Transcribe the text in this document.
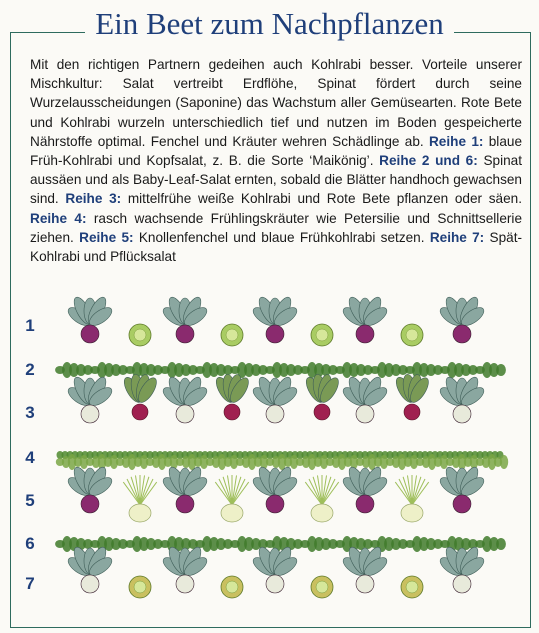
Ein Beet zum Nachpflanzen
Mit den richtigen Partnern gedeihen auch Kohlrabi besser. Vorteile unserer Mischkultur: Salat vertreibt Erdflöhe, Spinat fördert durch seine Wurzelausscheidungen (Saponine) das Wachstum aller Gemüsearten. Rote Bete und Kohlrabi wurzeln unterschiedlich tief und nutzen im Boden gespeicherte Nährstoffe optimal. Fenchel und Kräuter wehren Schädlinge ab. Reihe 1: blaue Früh-Kohlrabi und Kopfsalat, z. B. die Sorte ‘Maikönig’. Reihe 2 und 6: Spinat aussäen und als Baby-Leaf-Salat ernten, sobald die Blätter handhoch gewachsen sind. Reihe 3: mittelfrühe weiße Kohlrabi und Rote Bete pflanzen oder säen. Reihe 4: rasch wachsende Frühlingskräuter wie Petersilie und Schnittsellerie ziehen. Reihe 5: Knollenfenchel und blaue Frühkohlrabi setzen. Reihe 7: Spät-Kohlrabi und Pflücksalat
1
2
3
4
5
6
7
